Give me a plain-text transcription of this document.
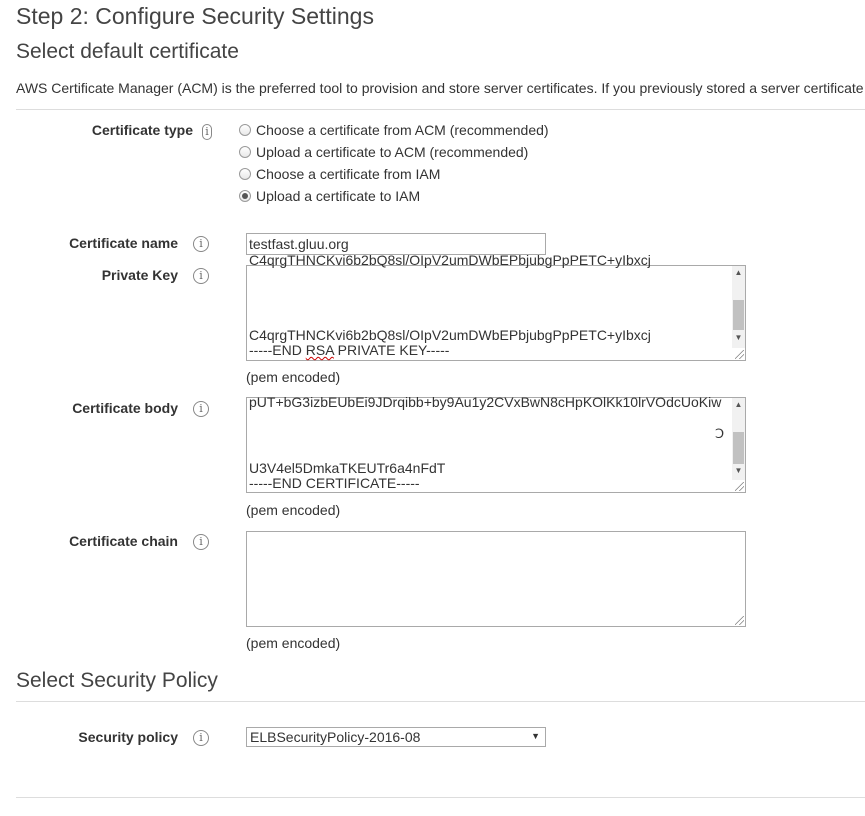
Step 2: Configure Security Settings
Select default certificate
AWS Certificate Manager (ACM) is the preferred tool to provision and store server certificates. If you previously stored a server certificate
Certificate type i	Choose a certificate from ACM (recommended)
Upload a certificate to ACM (recommended)
Choose a certificate from IAM
Upload a certificate to IAM
Certificate name	i	testfast.gluu.org
Private Key	i
C4qrgTHNCKvi6b2bQ8sl/OIpV2umDWbEPbjubgPpPETC+yIbxcj
C4qrgTHNCKvi6b2bQ8sl/OIpV2umDWbEPbjubgPpPETC+yIbxcj
-----END RSA PRIVATE KEY-----
▲
▼
(pem encoded)
Certificate body	i	pUT+bG3izbEUbEi9JDrqibb+by9Au1y2CVxBwN8cHpKOlKk10lrVOdcUoKiw
Ↄ
U3V4el5DmkaTKEUTr6a4nFdT
-----END CERTIFICATE-----
▲
▼
(pem encoded)
Certificate chain	i
(pem encoded)
Select Security Policy
Security policy	i	ELBSecurityPolicy-2016-08	▼
